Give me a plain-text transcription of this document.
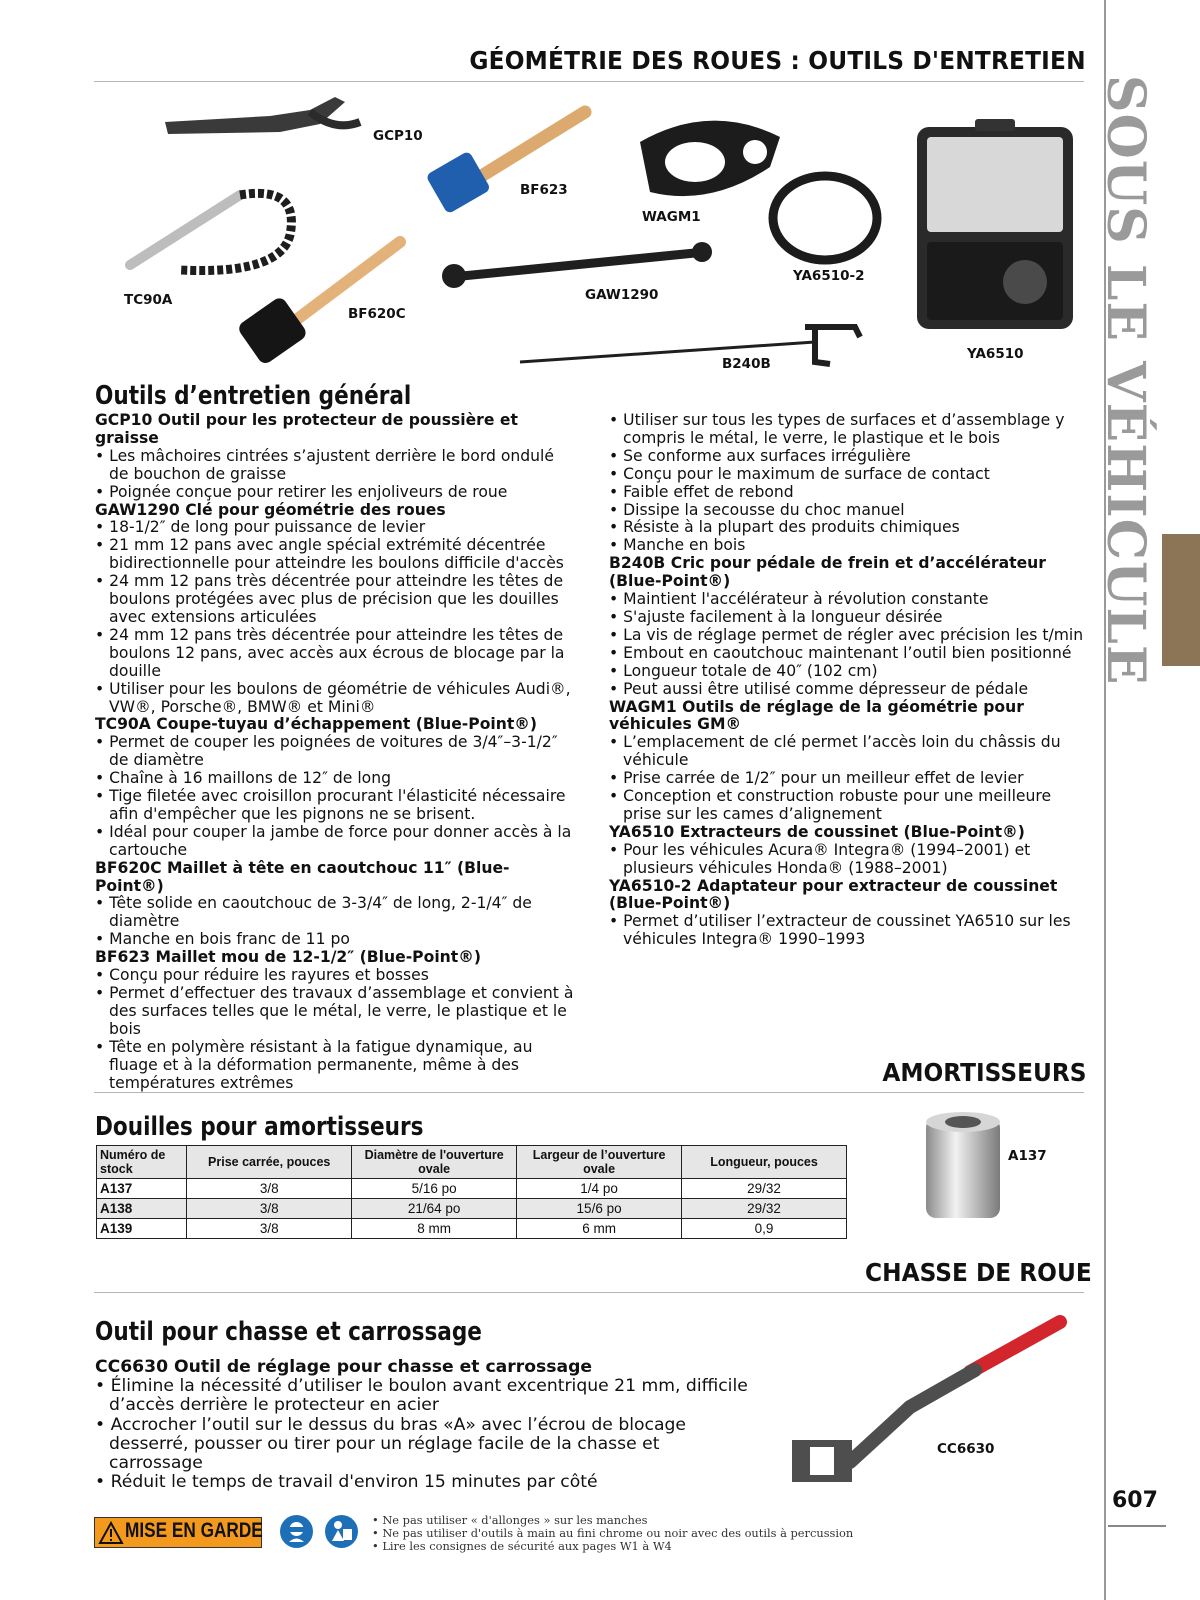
GÉOMÉTRIE DES ROUES : OUTILS D'ENTRETIEN
SOUS LE VÉHICULE
607
GCP10
TC90A
BF620C
BF623
WAGM1
YA6510-2
GAW1290
B240B
YA6510
Outils d’entretien général
GCP10 Outil pour les protecteur de poussière et graisse
• Les mâchoires cintrées s’ajustent derrière le bord ondulé de bouchon de graisse
• Poignée conçue pour retirer les enjoliveurs de roue
GAW1290 Clé pour géométrie des roues
• 18-1/2″ de long pour puissance de levier
• 21 mm 12 pans avec angle spécial extrémité décentrée bidirectionnelle pour atteindre les boulons difficile d'accès
• 24 mm 12 pans très décentrée pour atteindre les têtes de boulons protégées avec plus de précision que les douilles avec extensions articulées
• 24 mm 12 pans très décentrée pour atteindre les têtes de boulons 12 pans, avec accès aux écrous de blocage par la douille
• Utiliser pour les boulons de géométrie de véhicules Audi®, VW®, Porsche®, BMW® et Mini®
TC90A Coupe-tuyau d’échappement (Blue-Point®)
• Permet de couper les poignées de voitures de 3/4″–3-1/2″ de diamètre
• Chaîne à 16 maillons de 12″ de long
• Tige filetée avec croisillon procurant l'élasticité nécessaire afin d'empêcher que les pignons ne se brisent.
• Idéal pour couper la jambe de force pour donner accès à la cartouche
BF620C Maillet à tête en caoutchouc 11″ (Blue-Point®)
• Tête solide en caoutchouc de 3-3/4″ de long, 2-1/4″ de diamètre
• Manche en bois franc de 11 po
BF623 Maillet mou de 12-1/2″ (Blue-Point®)
• Conçu pour réduire les rayures et bosses
• Permet d’effectuer des travaux d’assemblage et convient à des surfaces telles que le métal, le verre, le plastique et le bois
• Tête en polymère résistant à la fatigue dynamique, au fluage et à la déformation permanente, même à des températures extrêmes
• Utiliser sur tous les types de surfaces et d’assemblage y compris le métal, le verre, le plastique et le bois
• Se conforme aux surfaces irrégulière
• Conçu pour le maximum de surface de contact
• Faible effet de rebond
• Dissipe la secousse du choc manuel
• Résiste à la plupart des produits chimiques
• Manche en bois
B240B Cric pour pédale de frein et d’accélérateur (Blue-Point®)
• Maintient l'accélérateur à révolution constante
• S'ajuste facilement à la longueur désirée
• La vis de réglage permet de régler avec précision les t/min
• Embout en caoutchouc maintenant l’outil bien positionné
• Longueur totale de 40″ (102 cm)
• Peut aussi être utilisé comme dépresseur de pédale
WAGM1 Outils de réglage de la géométrie pour véhicules GM®
• L’emplacement de clé permet l’accès loin du châssis du véhicule
• Prise carrée de 1/2″ pour un meilleur effet de levier
• Conception et construction robuste pour une meilleure prise sur les cames d’alignement
YA6510 Extracteurs de coussinet (Blue-Point®)
• Pour les véhicules Acura® Integra® (1994–2001) et plusieurs véhicules Honda® (1988–2001)
YA6510-2 Adaptateur pour extracteur de coussinet (Blue-Point®)
• Permet d’utiliser l’extracteur de coussinet YA6510 sur les véhicules Integra® 1990–1993
AMORTISSEURS
Douilles pour amortisseurs
Numéro de stock	Prise carrée, pouces	Diamètre de l'ouverture ovale	Largeur de l’ouverture ovale	Longueur, pouces
A137	3/8	5/16 po	1/4 po	29/32
A138	3/8	21/64 po	15/6 po	29/32
A139	3/8	8 mm	6 mm	0,9
A137
CHASSE DE ROUE
Outil pour chasse et carrossage
CC6630 Outil de réglage pour chasse et carrossage
• Élimine la nécessité d’utiliser le boulon avant excentrique 21 mm, difficile d’accès derrière le protecteur en acier
• Accrocher l’outil sur le dessus du bras «A» avec l’écrou de blocage desserré, pousser ou tirer pour un réglage facile de la chasse et carrossage
• Réduit le temps de travail d'environ 15 minutes par côté
CC6630
MISE EN GARDE	• Ne pas utiliser « d'allonges » sur les manches
• Ne pas utiliser d'outils à main au fini chrome ou noir avec des outils à percussion
• Lire les consignes de sécurité aux pages W1 à W4
